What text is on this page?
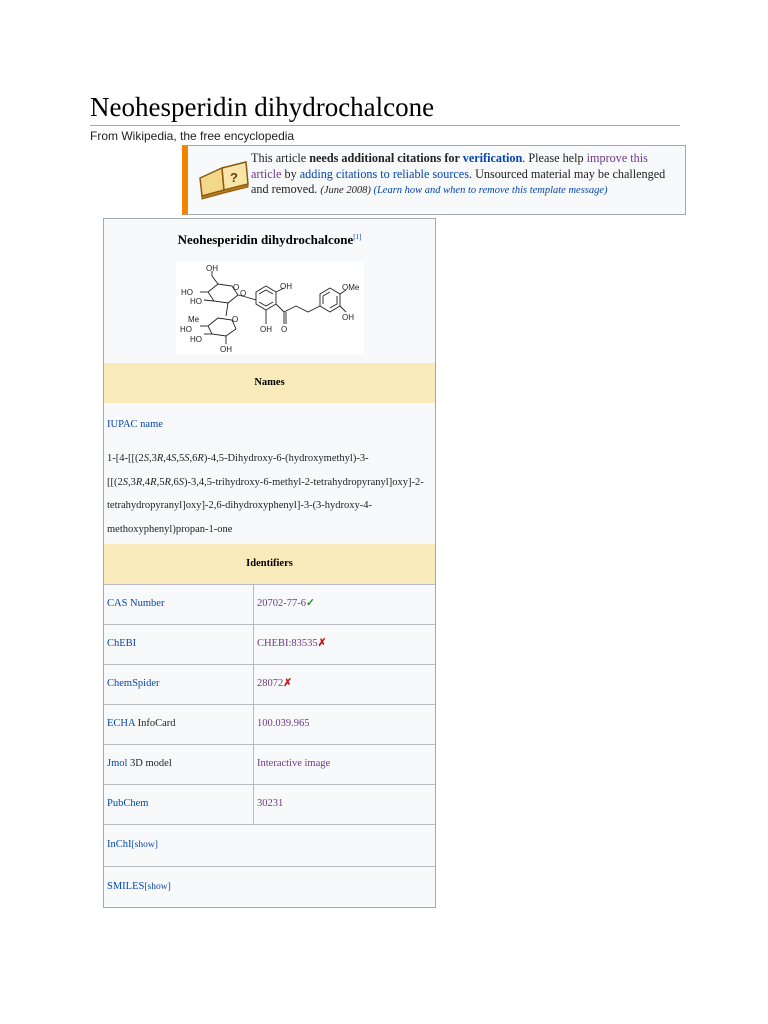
Neohesperidin dihydrochalcone
From Wikipedia, the free encyclopedia
?
This article needs additional citations for verification. Please help improve this article by adding citations to reliable sources. Unsourced material may be challenged and removed. (June 2008) (Learn how and when to remove this template message)
Neohesperidin dihydrochalcone[1]
OH
HO
HO
O
O
Me	O
HO
HO
OH
OH
OH O
OMe
OH
Names
IUPAC name
1-[4-[[(2S,3R,4S,5S,6R)-4,5-Dihydroxy-6-(hydroxymethyl)-3-[[(2S,3R,4R,5R,6S)-3,4,5-trihydroxy-6-methyl-2-tetrahydropyranyl]oxy]-2-tetrahydropyranyl]oxy]-2,6-dihydroxyphenyl]-3-(3-hydroxy-4-methoxyphenyl)propan-1-one
Identifiers
CAS Number	20702-77-6✓
ChEBI	CHEBI:83535✗
ChemSpider	28072✗
ECHA InfoCard	100.039.965
Jmol 3D model	Interactive image
PubChem	30231
InChI[show]
SMILES[show]
